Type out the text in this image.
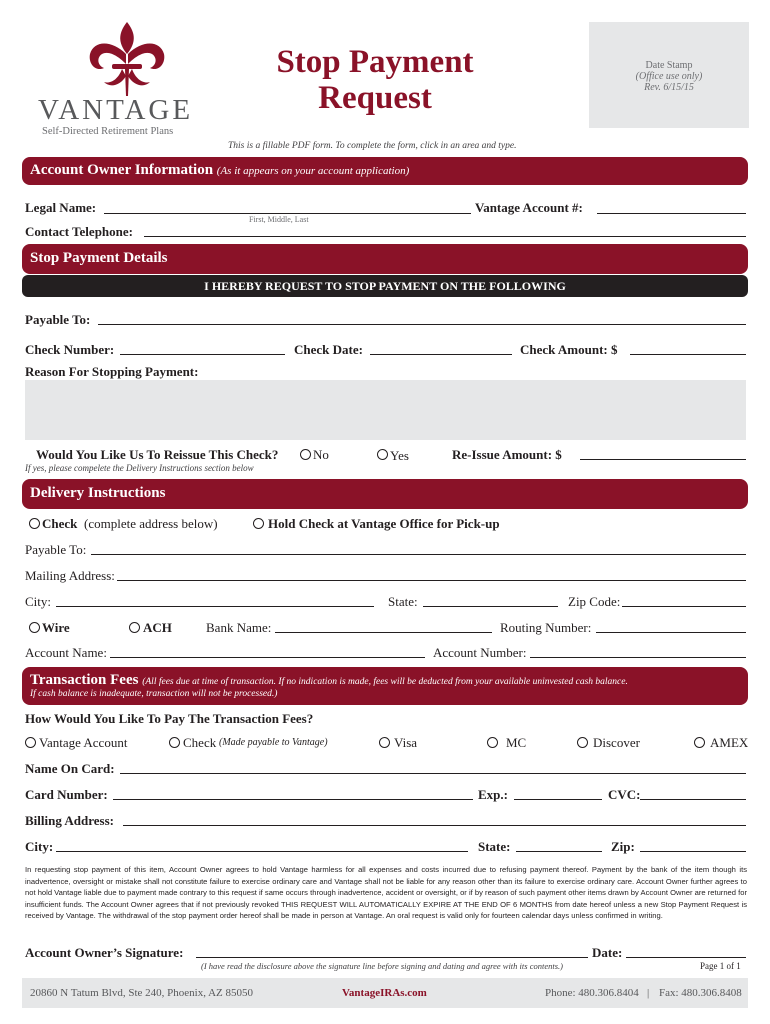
VANTAGE
Self-Directed Retirement Plans
Stop Payment
Request
Date Stamp
(Office use only)
Rev. 6/15/15
This is a fillable PDF form. To complete the form, click in an area and type.
Account Owner Information (As it appears on your account application)
Legal Name:
First, Middle, Last
Vantage Account #:
Contact Telephone:
Stop Payment Details
I HEREBY REQUEST TO STOP PAYMENT ON THE FOLLOWING
Payable To:
Check Number:	Check Date:	Check Amount: $
Reason For Stopping Payment:
Would You Like Us To Reissue This Check?	No	Yes	Re-Issue Amount: $
If yes, please compelete the Delivery Instructions section below
Delivery Instructions
Check (complete address below)	Hold Check at Vantage Office for Pick-up
Payable To:
Mailing Address:
City:	State:	Zip Code:
Wire	ACH	Bank Name:	Routing Number:
Account Name:	Account Number:
Transaction Fees (All fees due at time of transaction. If no indication is made, fees will be deducted from your available uninvested cash balance.
If cash balance is inadequate, transaction will not be processed.)
How Would You Like To Pay The Transaction Fees?
Vantage Account	Check (Made payable to Vantage)	Visa	MC	Discover	AMEX
Name On Card:
Card Number:	Exp.:	CVC:
Billing Address:
City:	State:	Zip:
In requesting stop payment of this item, Account Owner agrees to hold Vantage harmless for all expenses and costs incurred due to refusing payment thereof. Payment by the bank of the item though its inadvertence, oversight or mistake shall not constitute failure to exercise ordinary care and Vantage shall not be liable for any reason other than its failure to exercise ordinary care. Account Owner further agrees to not hold Vantage liable due to payment made contrary to this request if same occurs through inadvertence, accident or oversight, or if by reason of such payment other items drawn by Account Owner are returned for insufficient funds. The Account Owner agrees that if not previously revoked THIS REQUEST WILL AUTOMATICALLY EXPIRE AT THE END OF 6 MONTHS from date hereof unless a new Stop Payment Request is received by Vantage. The withdrawal of the stop payment order hereof shall be made in person at Vantage. An oral request is valid only for fourteen calendar days unless confirmed in writing.
Account Owner’s Signature:	Date:
(I have read the disclosure above the signature line before signing and dating and agree with its contents.)	Page 1 of 1
20860 N Tatum Blvd, Ste 240, Phoenix, AZ 85050	VantageIRAs.com	Phone: 480.306.8404 | Fax: 480.306.8408
